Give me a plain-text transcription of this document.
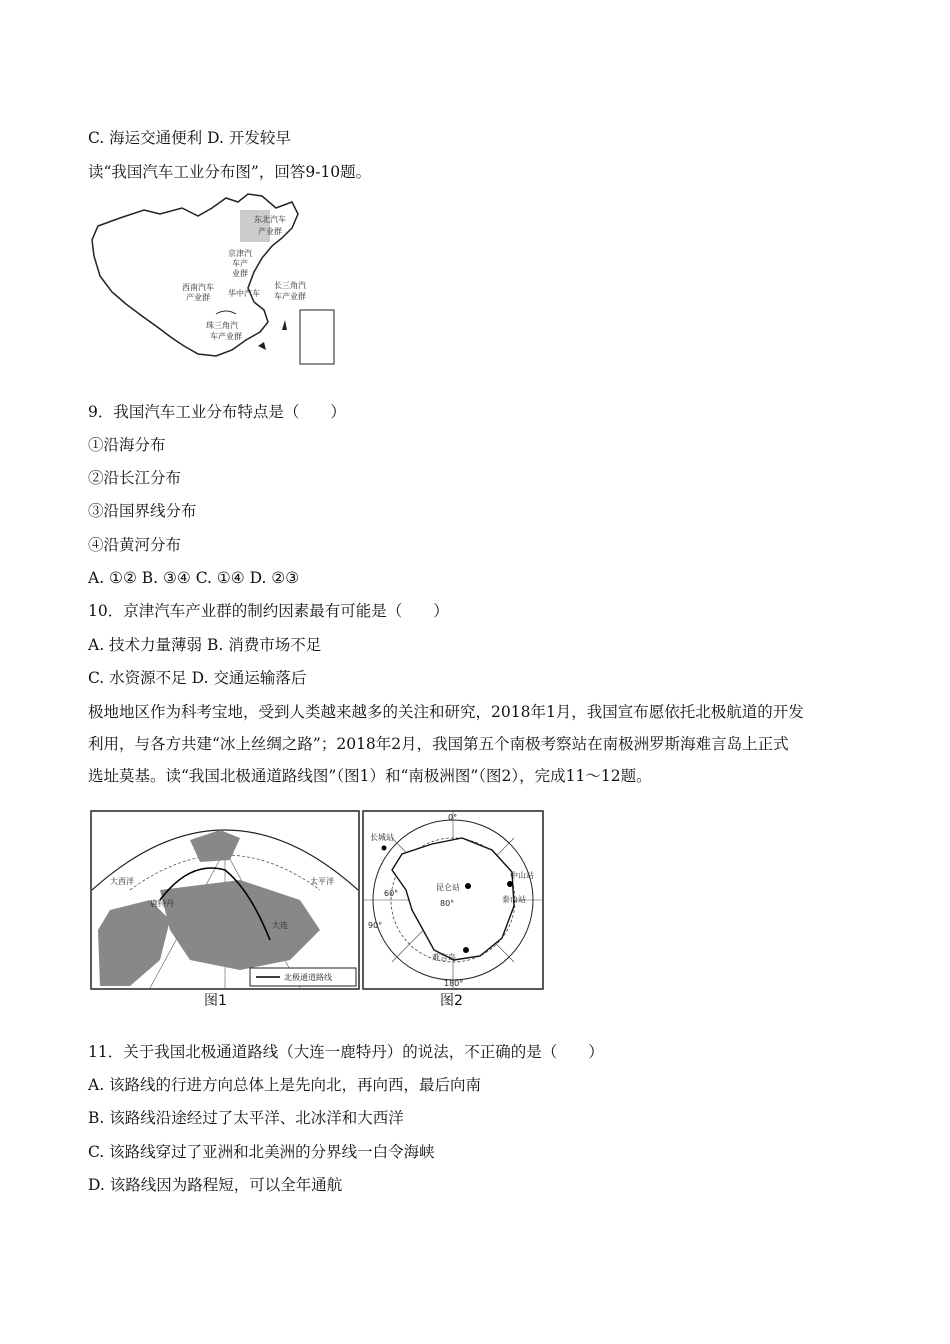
C. 海运交通便利 D. 开发较早
读“我国汽车工业分布图”，回答9-10题。
东北汽车
产业群
京津汽
车产
业群
西南汽车
产业群 华中汽车
长三角汽
车产业群
珠三角汽
车产业群
9．我国汽车工业分布特点是（　　）
①沿海分布
②沿长江分布
③沿国界线分布
④沿黄河分布
A. ①② B. ③④ C. ①④ D. ②③
10．京津汽车产业群的制约因素最有可能是（　　）
A. 技术力量薄弱 B. 消费市场不足
C. 水资源不足 D. 交通运输落后
极地地区作为科考宝地，受到人类越来越多的关注和研究，2018年1月，我国宣布愿依托北极航道的开发
利用，与各方共建“冰上丝绸之路”；2018年2月，我国第五个南极考察站在南极洲罗斯海难言岛上正式
选址莫基。读“我国北极通道路线图”（图1）和“南极洲图”（图2），完成11～12题。
大西洋	太平洋
大连
鹿特丹
北极通道路线
图1
长城站
昆仑站
中山站
泰山站
难言岛
0°
90°
180°
80°
60°
图2
11．关于我国北极通道路线（大连一鹿特丹）的说法，不正确的是（　　）
A. 该路线的行进方向总体上是先向北，再向西，最后向南
B. 该路线沿途经过了太平洋、北冰洋和大西洋
C. 该路线穿过了亚洲和北美洲的分界线一白令海峡
D. 该路线因为路程短，可以全年通航
